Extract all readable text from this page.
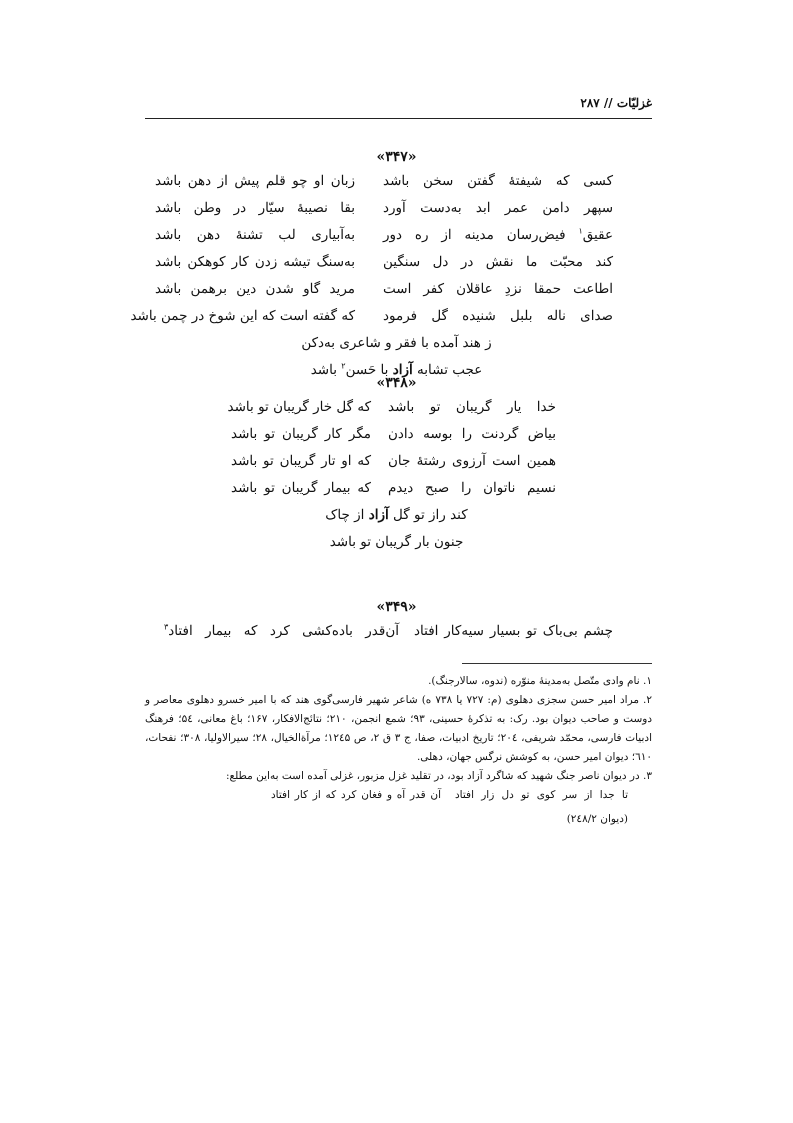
غزلیّات // ۲۸۷
«۳۴۷»
کسی که شیفتهٔ گفتن سخن باشد
زبان او چو قلم پیش از دهن باشد
سپهر دامن عمر ابد به‌دست آورد
بقا نصیبهٔ سیّار در وطن باشد
عقیق$^۱$ فیض‌رسان مدینه از ره دور
به‌آبیاری لب تشنهٔ دهن باشد
کند محبّت ما نقش در دل سنگین
به‌سنگ تیشه زدن کار کوهکن باشد
اطاعت حمقا نزدِ عاقلان کفر است
مرید گاو شدن دین برهمن باشد
صدای ناله بلبل شنیده گل فرمود
که گفته است که این شوخ در چمن باشد
ز هند آمده با فقر و شاعری به‌دکن
عجب تشابه آزاد با حَسن$^۲$ باشد
«۳۴۸»
خدا یار گریبان تو باشد
که گل خار گریبان تو باشد
بیاض گردنت را بوسه دادن
مگر کار گریبان تو باشد
همین است آرزوی رشتهٔ جان
که او تار گریبان تو باشد
نسیم ناتوان را صبح دیدم
که بیمار گریبان تو باشد
کند راز تو گل آزاد از چاک
جنون بار گریبان تو باشد
«۳۴۹»
چشم بی‌باک تو بسیار سیه‌کار افتاد
آن‌قدر باده‌کشی کرد که بیمار افتاد$^۳$

۱. نام وادی متّصل به‌مدینهٔ منوّره (ندوه، سالارجنگ).

۲. مراد امیر حسن سجزی دهلوی (م: ۷۲۷ یا ۷۳۸ ه) شاعر شهیر فارسی‌گوی هند که با امیر خسرو دهلوی معاصر و دوست و صاحب دیوان بود. رک: به تذکرهٔ حسینی، ۹۳؛ شمع انجمن، ۲۱۰؛ نتائج‌الافکار، ۱۶۷؛ باغ معانی، ۵٤؛ فرهنگ ادبیات فارسی، محمّد شریفی، ۲۰٤؛ تاریخ ادبیات، صفا، ج ۳ ق ۲، ص ۱۲٤۵؛ مرآة‌الخیال، ۲۸؛ سیرالاولیا، ۳۰۸؛ نفحات، ٦۱۰؛ دیوان امیر حسن، به کوشش نرگس جهان، دهلی.

۳. در دیوان ناصر جنگ شهید که شاگرد آزاد بود، در تقلید غزل مزبور، غزلی آمده است به‌این مطلع:

تا جدا از سر کوی تو دل زار افتاد
آن قدر آه و فغان کرد که از کار افتاد
(دیوان ۲٤۸/۲)
